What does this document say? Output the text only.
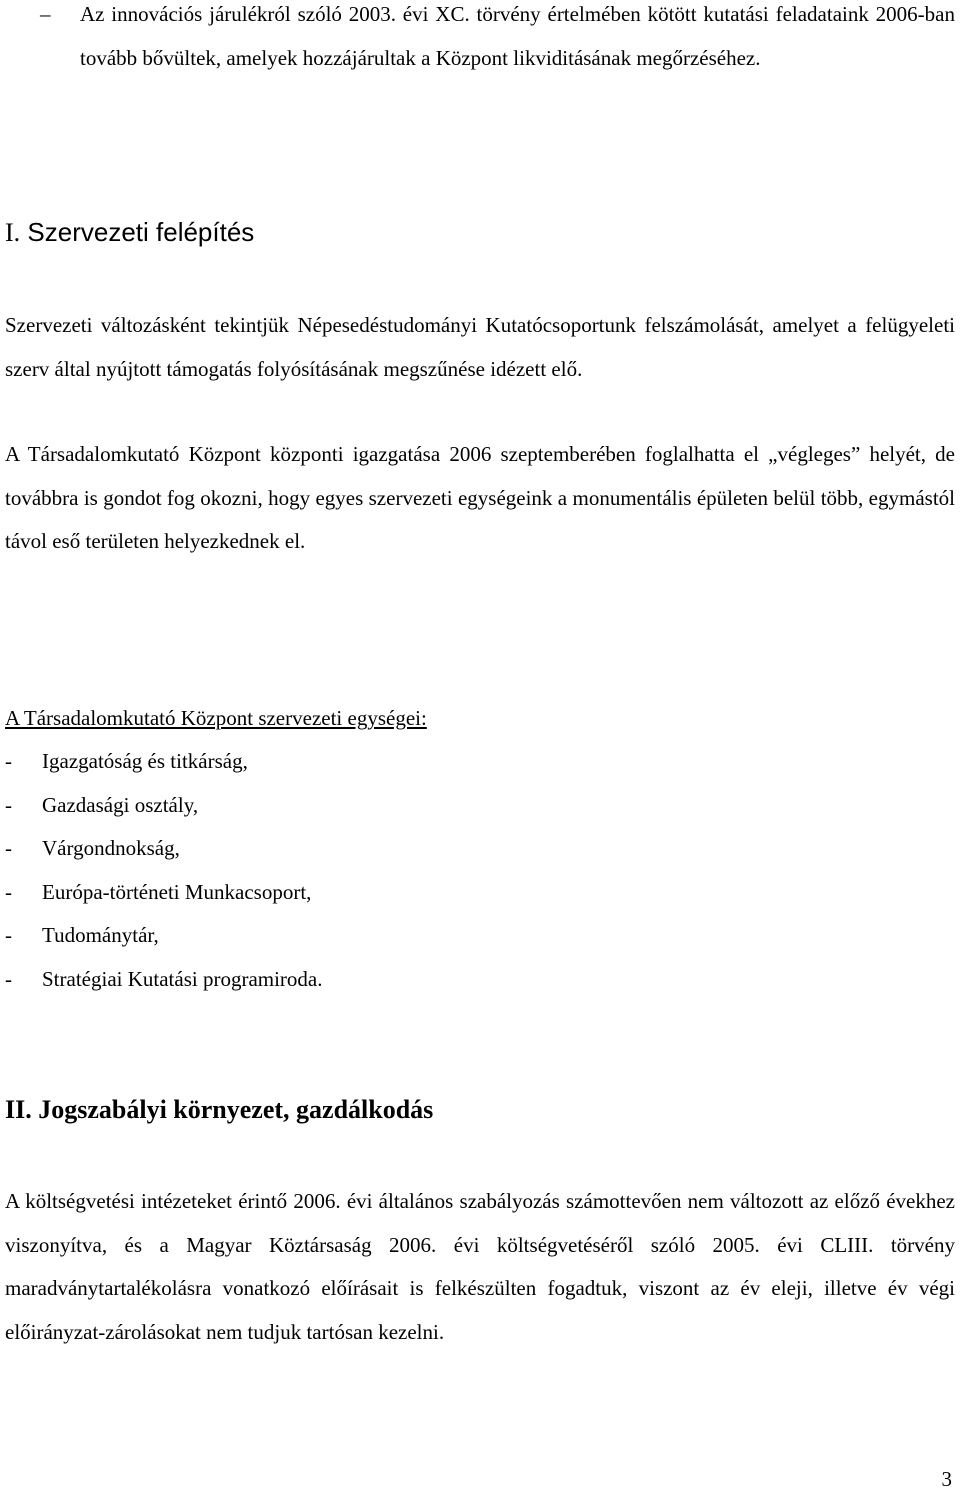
– Az innovációs járulékról szóló 2003. évi XC. törvény értelmében kötött kutatási feladataink 2006-ban tovább bővültek, amelyek hozzájárultak a Központ likviditásának megőrzéséhez.

I. Szervezeti felépítés

Szervezeti változásként tekintjük Népesedéstudományi Kutatócsoportunk felszámolását, amelyet a felügyeleti szerv által nyújtott támogatás folyósításának megszűnése idézett elő.

A Társadalomkutató Központ központi igazgatása 2006 szeptemberében foglalhatta el „végleges” helyét, de továbbra is gondot fog okozni, hogy egyes szervezeti egységeink a monumentális épületen belül több, egymástól távol eső területen helyezkednek el.

A Társadalomkutató Központ szervezeti egységei:

- Igazgatóság és titkárság,
- Gazdasági osztály,
- Várgondnokság,
- Európa-történeti Munkacsoport,
- Tudománytár,
- Stratégiai Kutatási programiroda.
II. Jogszabályi környezet, gazdálkodás

A költségvetési intézeteket érintő 2006. évi általános szabályozás számottevően nem változott az előző évekhez viszonyítva, és a Magyar Köztársaság 2006. évi költségvetéséről szóló 2005. évi CLIII. törvény maradványtartalékolásra vonatkozó előírásait is felkészülten fogadtuk, viszont az év eleji, illetve év végi előirányzat-zárolásokat nem tudjuk tartósan kezelni.

3
